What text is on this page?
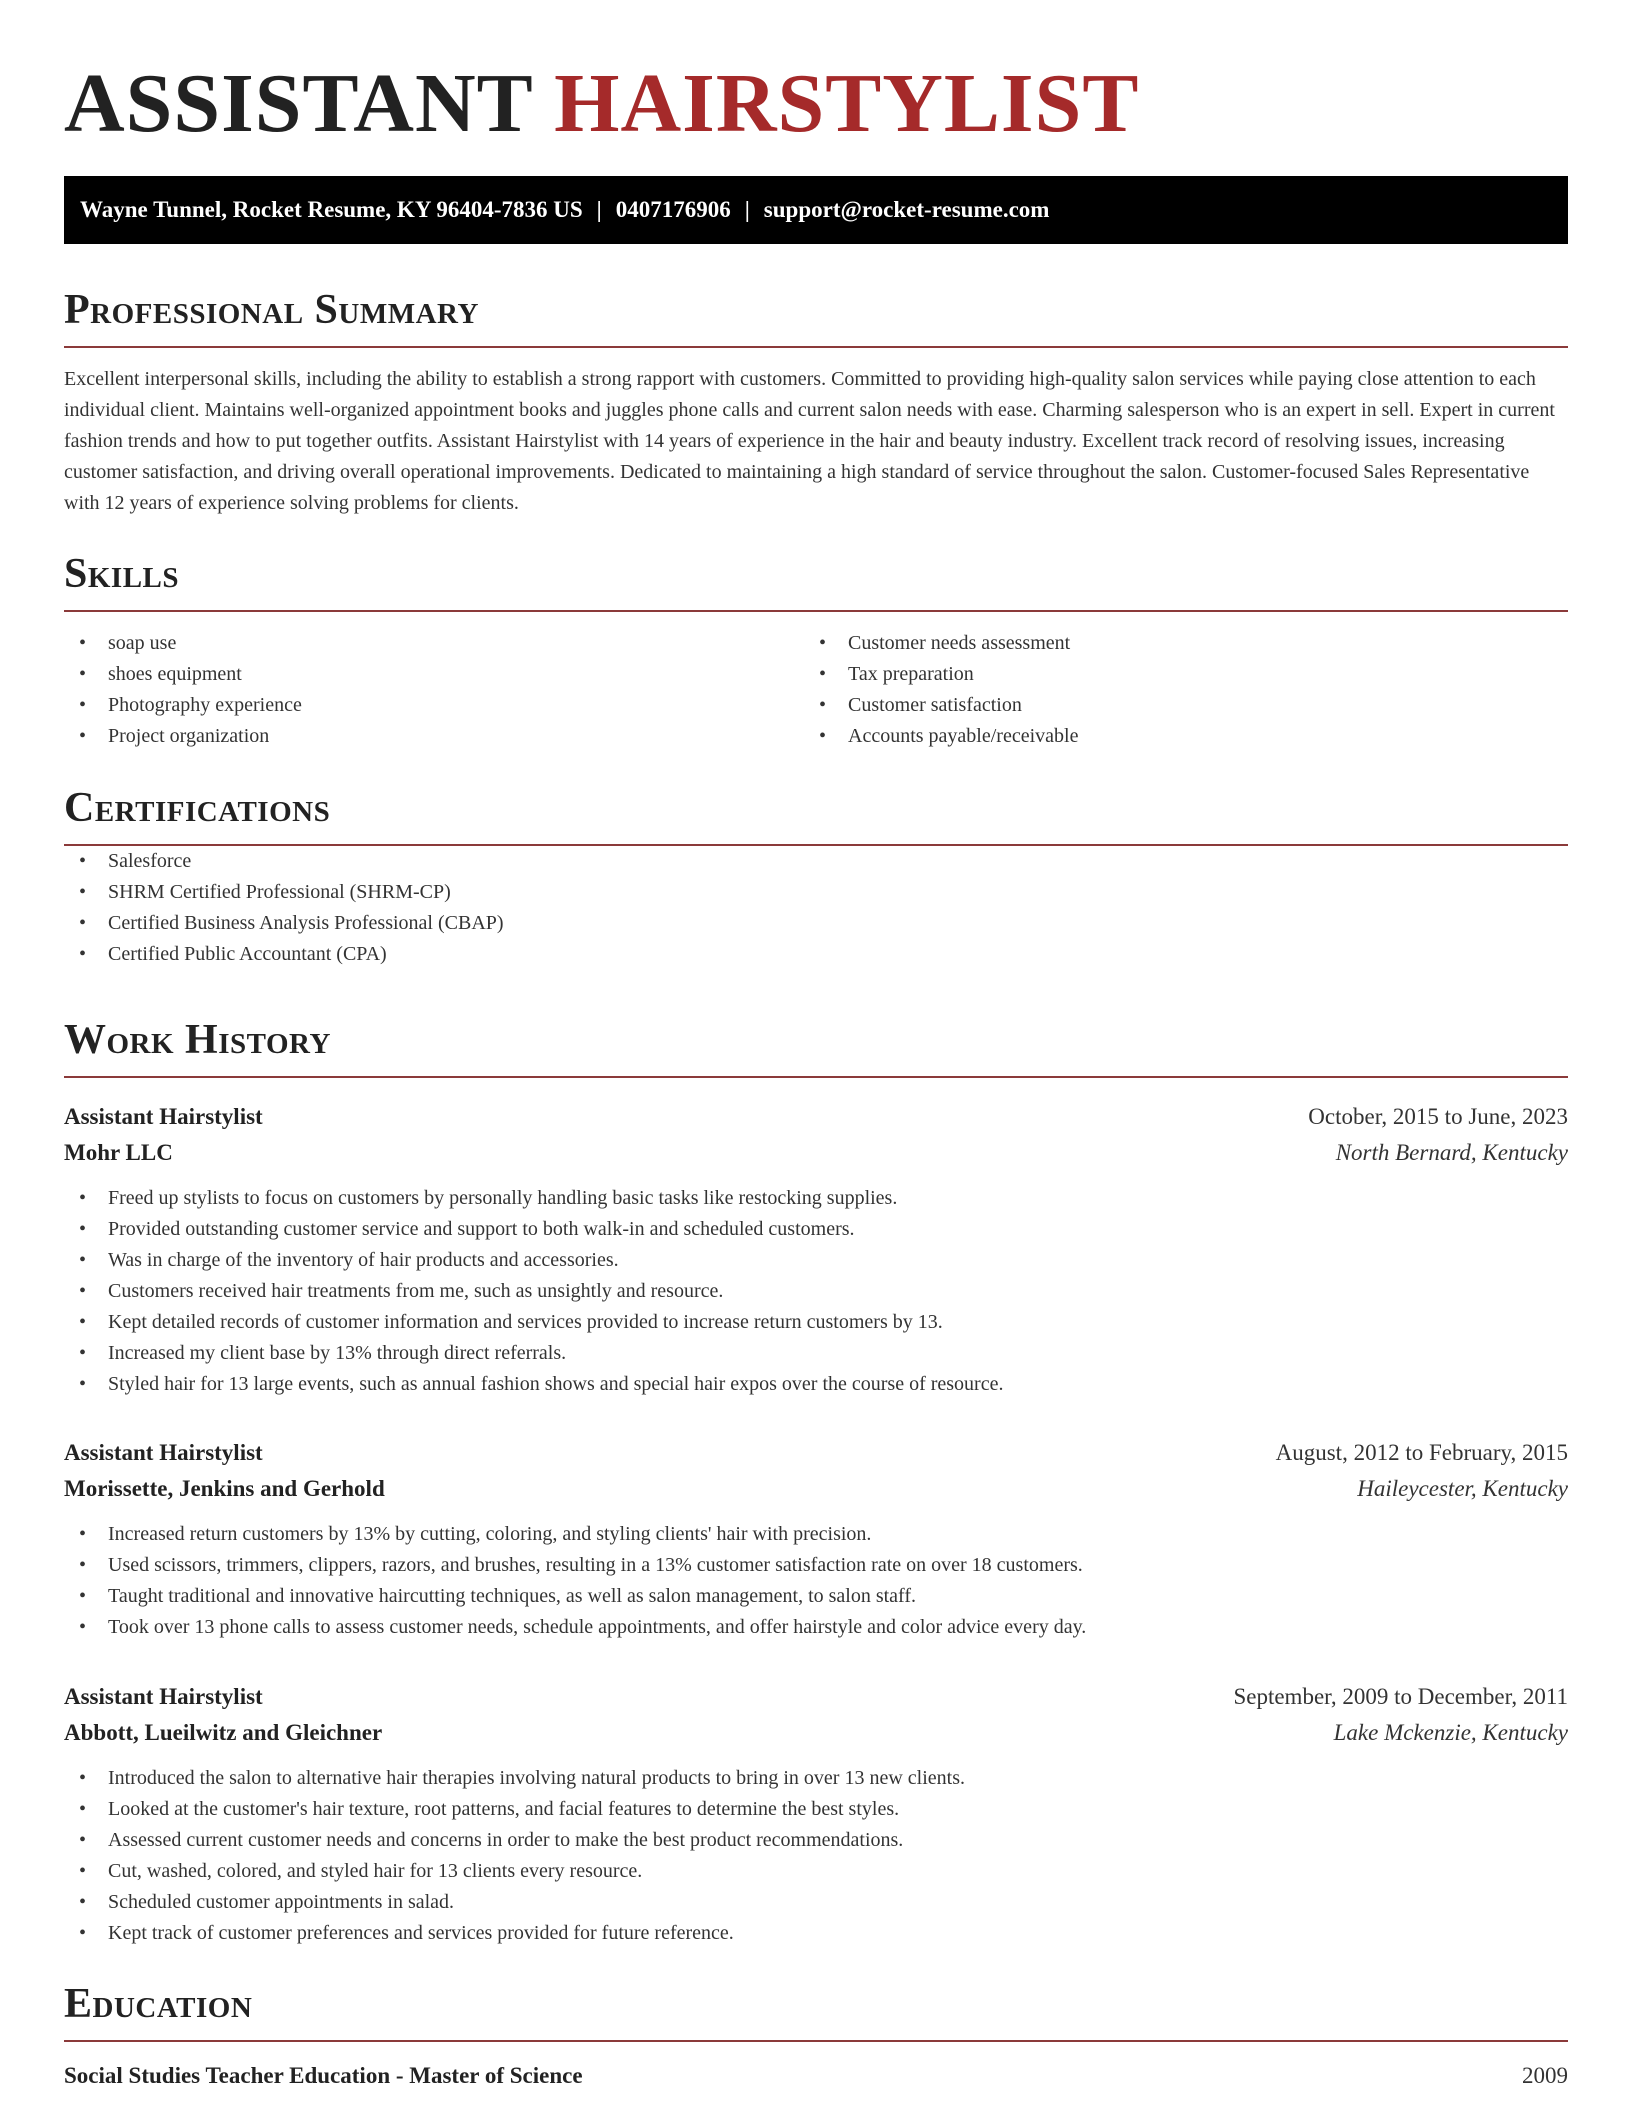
ASSISTANT HAIRSTYLIST
Wayne Tunnel, Rocket Resume, KY 96404-7836 US | 0407176906 | support@rocket-resume.com
Professional Summary
Excellent interpersonal skills, including the ability to establish a strong rapport with customers. Committed to providing high-quality salon services while paying close attention to each individual client. Maintains well-organized appointment books and juggles phone calls and current salon needs with ease. Charming salesperson who is an expert in sell. Expert in current fashion trends and how to put together outfits. Assistant Hairstylist with 14 years of experience in the hair and beauty industry. Excellent track record of resolving issues, increasing customer satisfaction, and driving overall operational improvements. Dedicated to maintaining a high standard of service throughout the salon. Customer-focused Sales Representative with 12 years of experience solving problems for clients.
Skills
• soap use
• shoes equipment
• Photography experience
• Project organization
• Customer needs assessment
• Tax preparation
• Customer satisfaction
• Accounts payable/receivable
Certifications
• Salesforce
• SHRM Certified Professional (SHRM-CP)
• Certified Business Analysis Professional (CBAP)
• Certified Public Accountant (CPA)
Work History
Assistant Hairstylist	October, 2015 to June, 2023
Mohr LLC	North Bernard, Kentucky
• Freed up stylists to focus on customers by personally handling basic tasks like restocking supplies.
• Provided outstanding customer service and support to both walk-in and scheduled customers.
• Was in charge of the inventory of hair products and accessories.
• Customers received hair treatments from me, such as unsightly and resource.
• Kept detailed records of customer information and services provided to increase return customers by 13.
• Increased my client base by 13% through direct referrals.
• Styled hair for 13 large events, such as annual fashion shows and special hair expos over the course of resource.
Assistant Hairstylist	August, 2012 to February, 2015
Morissette, Jenkins and Gerhold	Haileycester, Kentucky
• Increased return customers by 13% by cutting, coloring, and styling clients' hair with precision.
• Used scissors, trimmers, clippers, razors, and brushes, resulting in a 13% customer satisfaction rate on over 18 customers.
• Taught traditional and innovative haircutting techniques, as well as salon management, to salon staff.
• Took over 13 phone calls to assess customer needs, schedule appointments, and offer hairstyle and color advice every day.
Assistant Hairstylist	September, 2009 to December, 2011
Abbott, Lueilwitz and Gleichner	Lake Mckenzie, Kentucky
• Introduced the salon to alternative hair therapies involving natural products to bring in over 13 new clients.
• Looked at the customer's hair texture, root patterns, and facial features to determine the best styles.
• Assessed current customer needs and concerns in order to make the best product recommendations.
• Cut, washed, colored, and styled hair for 13 clients every resource.
• Scheduled customer appointments in salad.
• Kept track of customer preferences and services provided for future reference.
Education
Social Studies Teacher Education - Master of Science	2009
